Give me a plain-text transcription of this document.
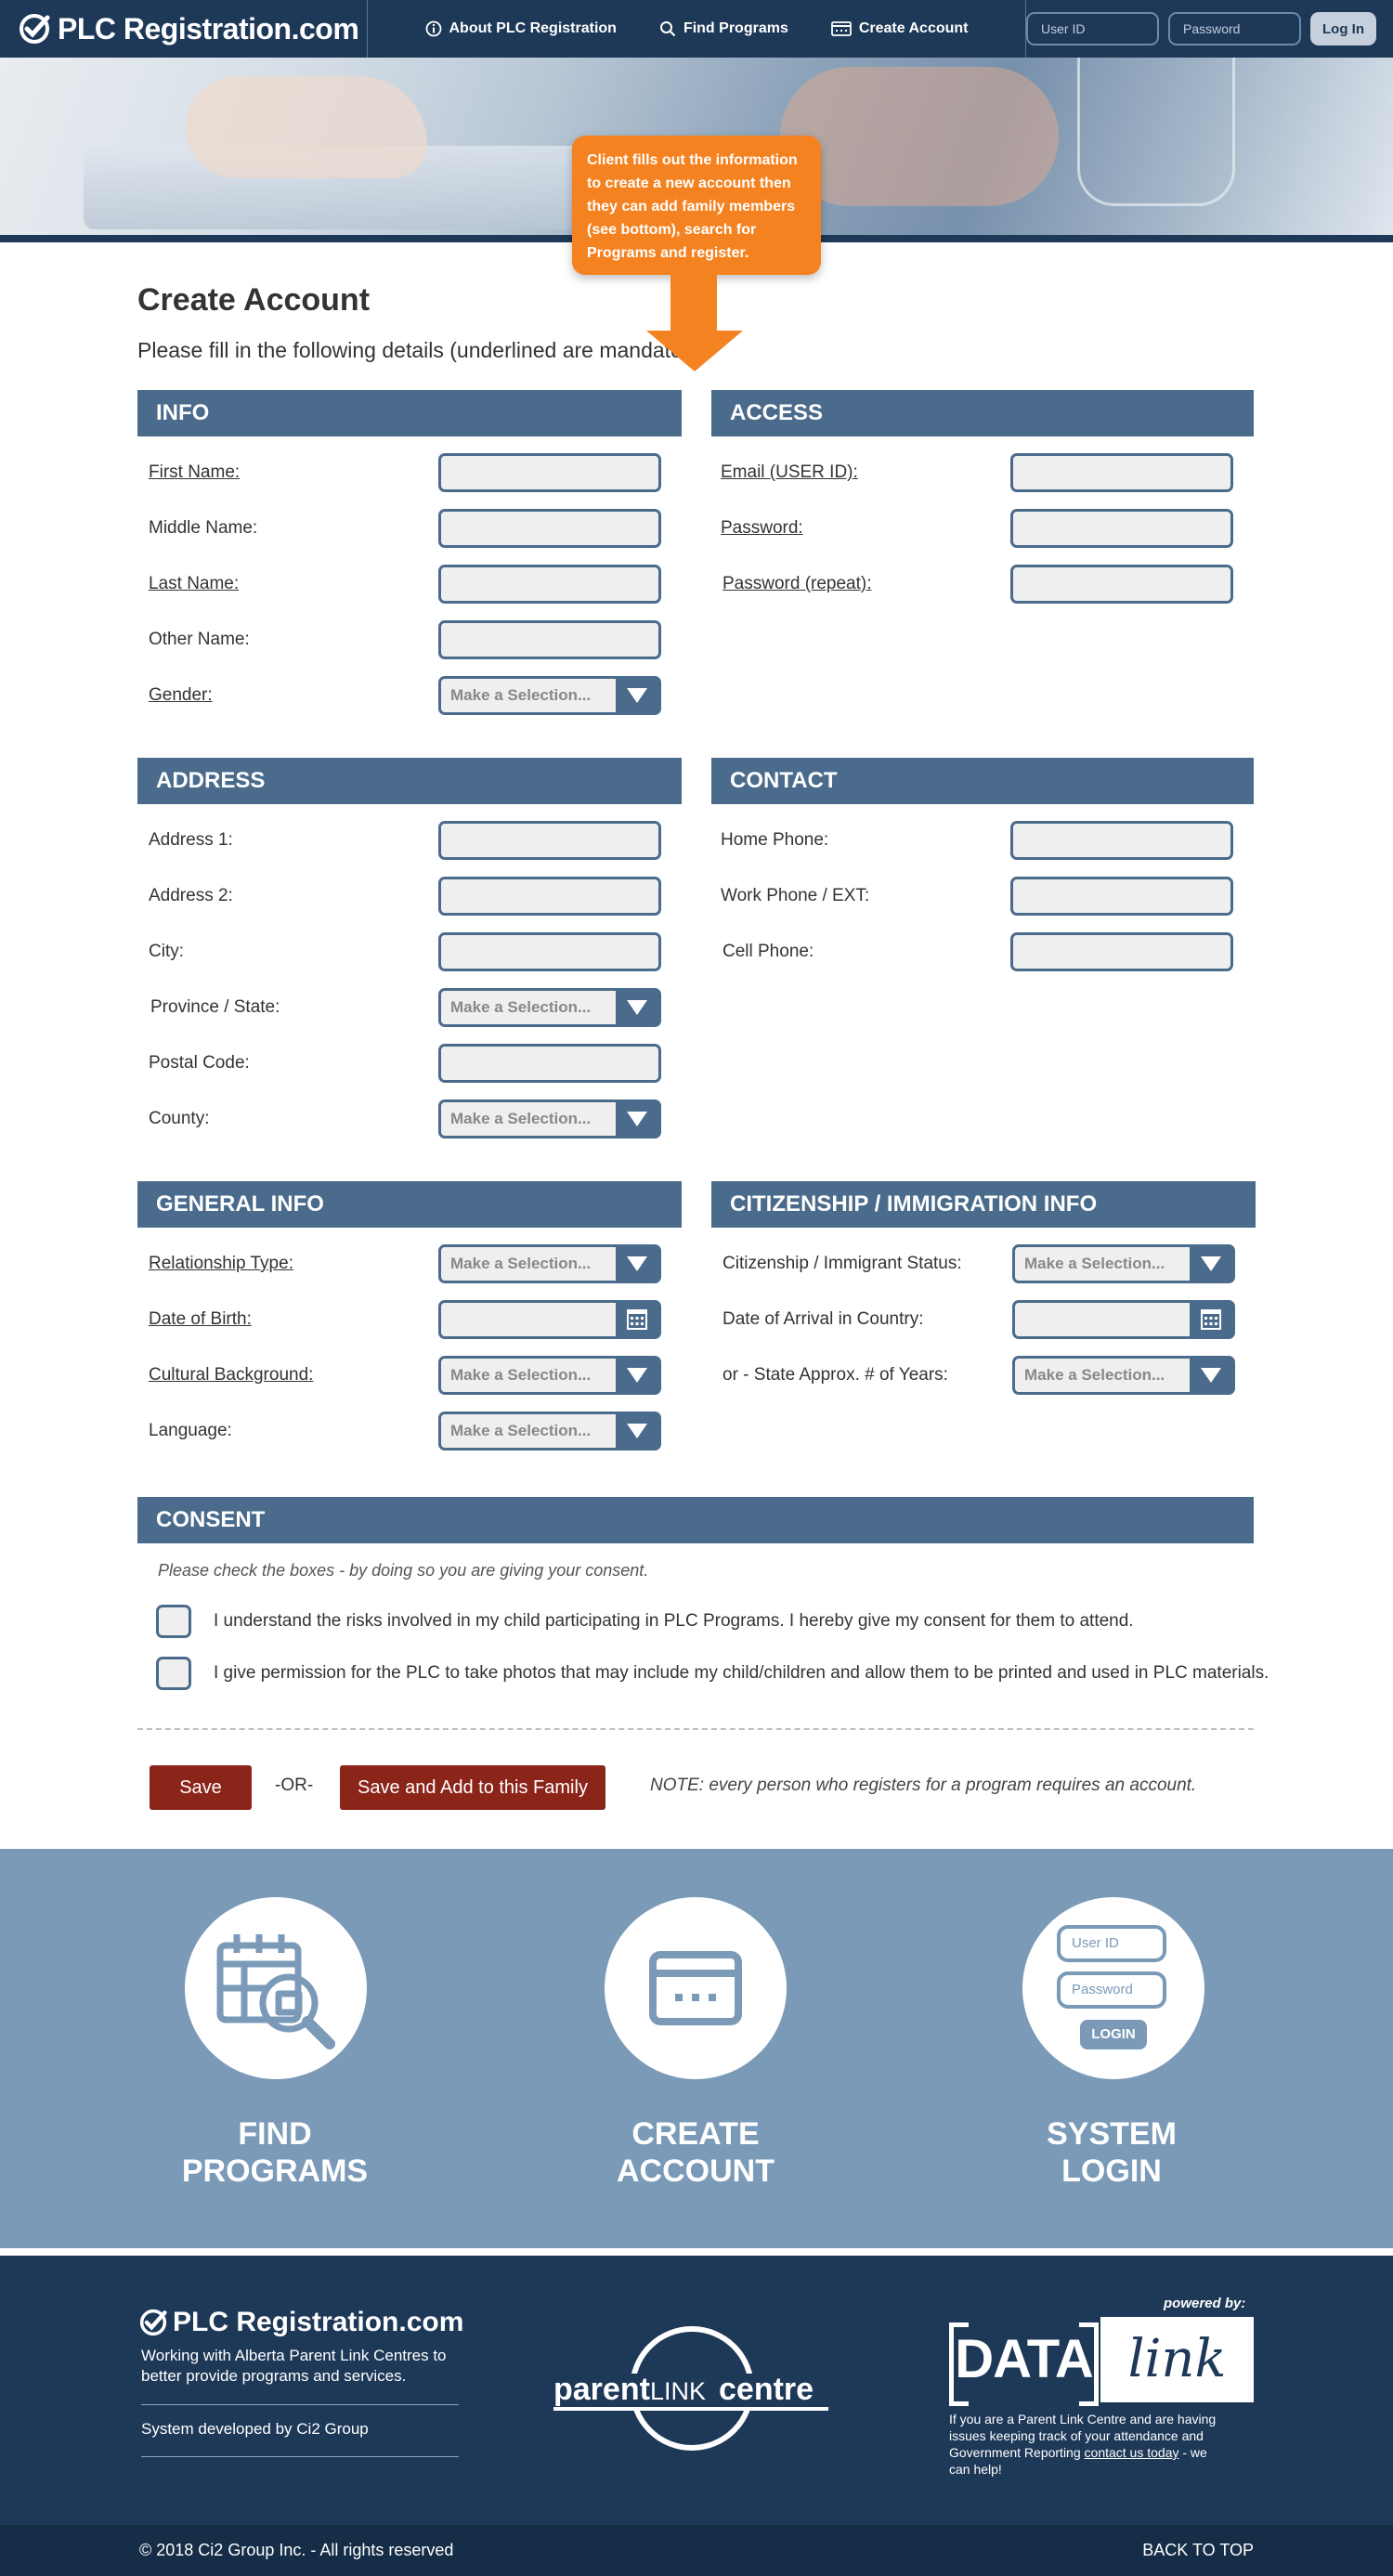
PLC Registration.com	About PLC Registration	Find Programs	Create Account
User ID	Log In
Create Account
Please fill in the following details (underlined are mandatory):
INFO
First Name:
Middle Name:
Last Name:
Other Name:
Gender:	Make a Selection...
ACCESS
Email (USER ID):
Password:
Password (repeat):
ADDRESS
Address 1:
Address 2:
City:
Province / State:	Make a Selection...
Postal Code:
County:	Make a Selection...
CONTACT
Home Phone:
Work Phone / EXT:
Cell Phone:
GENERAL INFO
Relationship Type:	Make a Selection...
Date of Birth:
Cultural Background:	Make a Selection...
Language:	Make a Selection...
CITIZENSHIP / IMMIGRATION INFO
Citizenship / Immigrant Status:	Make a Selection...
Date of Arrival in Country:
or - State Approx. # of Years:	Make a Selection...
CONSENT
Please check the boxes - by doing so you are giving your consent.
I understand the risks involved in my child participating in PLC Programs. I hereby give my consent for them to attend.
I give permission for the PLC to take photos that may include my child/children and allow them to be printed and used in PLC materials.
Save	-OR-	Save and Add to this Family	NOTE: every person who registers for a program requires an account.
Client fills out the information to create a new account then they can add family members (see bottom), search for Programs and register.
FIND
PROGRAMS
CREATE
ACCOUNT
User ID
Password
LOGIN
SYSTEM
LOGIN
PLC Registration.com
Working with Alberta Parent Link Centres to better provide programs and services.
System developed by Ci2 Group
parent LINK centre
powered by:
DATA link
If you are a Parent Link Centre and are having issues keeping track of your attendance and Government Reporting contact us today - we can help!
© 2018 Ci2 Group Inc. - All rights reserved	BACK TO TOP
